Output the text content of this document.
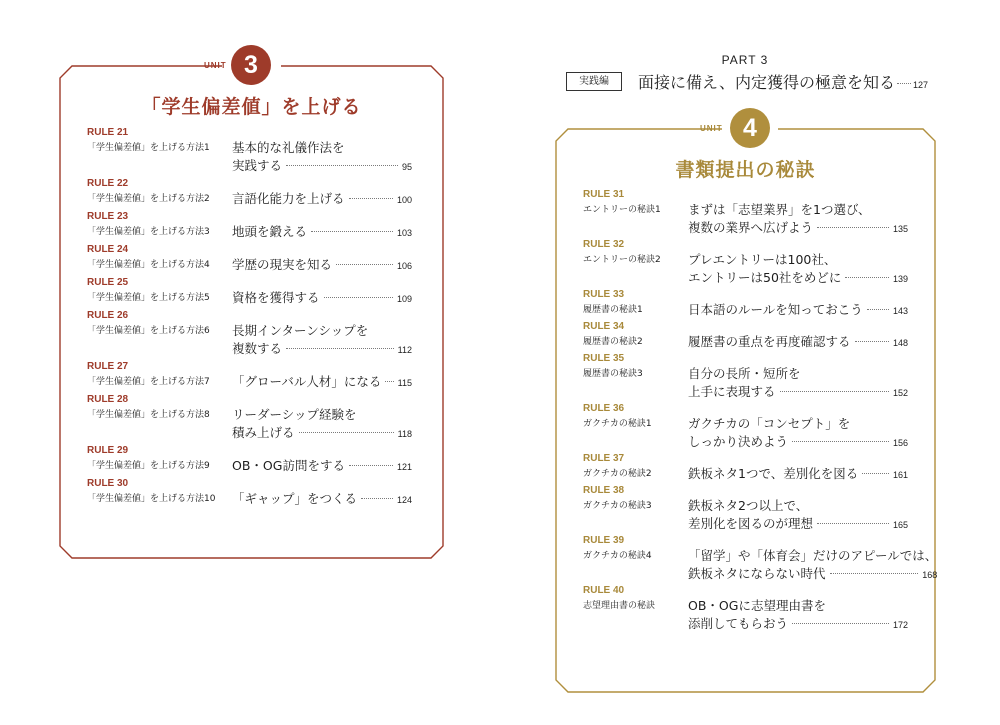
UNIT 3
「学生偏差値」を上げる
RULE 21
「学生偏差値」を上げる方法1	基本的な礼儀作法を
実践する	95
RULE 22
「学生偏差値」を上げる方法2	言語化能力を上げる	100
RULE 23
「学生偏差値」を上げる方法3	地頭を鍛える	103
RULE 24
「学生偏差値」を上げる方法4	学歴の現実を知る	106
RULE 25
「学生偏差値」を上げる方法5	資格を獲得する	109
RULE 26
「学生偏差値」を上げる方法6	長期インターンシップを
複数する	112
RULE 27
「学生偏差値」を上げる方法7	「グローバル人材」になる 115
RULE 28
「学生偏差値」を上げる方法8	リーダーシップ経験を
積み上げる	118
RULE 29
「学生偏差値」を上げる方法9	OB・OG訪問をする	121
RULE 30
「学生偏差値」を上げる方法10	「ギャップ」をつくる	124
PART 3
実践編	面接に備え、内定獲得の極意を知る 127
UNIT 4
書類提出の秘訣
RULE 31
エントリーの秘訣1	まずは「志望業界」を1つ選び、
複数の業界へ広げよう	135
RULE 32
エントリーの秘訣2	プレエントリーは100社、
エントリーは50社をめどに	139
RULE 33
履歴書の秘訣1	日本語のルールを知っておこう	143
RULE 34
履歴書の秘訣2	履歴書の重点を再度確認する	148
RULE 35
履歴書の秘訣3	自分の長所・短所を
上手に表現する	152
RULE 36
ガクチカの秘訣1	ガクチカの「コンセプト」を
しっかり決めよう	156
RULE 37
ガクチカの秘訣2	鉄板ネタ1つで、差別化を図る	161
RULE 38
ガクチカの秘訣3	鉄板ネタ2つ以上で、
差別化を図るのが理想	165
RULE 39
ガクチカの秘訣4	「留学」や「体育会」だけのアピールでは、
鉄板ネタにならない時代	168
RULE 40
志望理由書の秘訣	OB・OGに志望理由書を
添削してもらおう	172
